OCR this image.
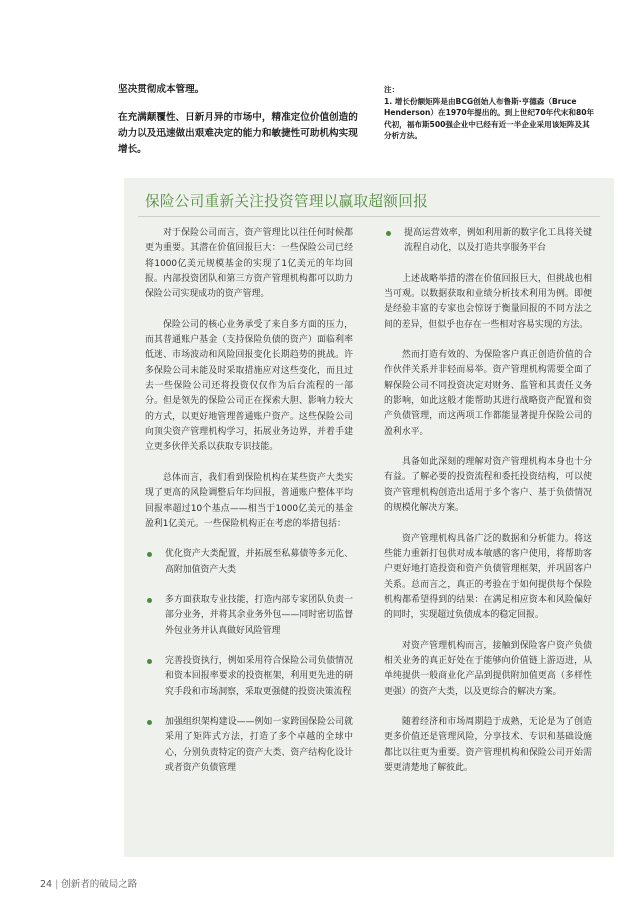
坚决贯彻成本管理。

在充满颠覆性、日新月异的市场中，精准定位价值创造的动力以及迅速做出艰难决定的能力和敏捷性可助机构实现增长。

注：
1. 增长份额矩阵是由BCG创始人布鲁斯·亨德森（Bruce Henderson）在1970年提出的。到上世纪70年代末和80年代初，福布斯500强企业中已经有近一半企业采用该矩阵及其分析方法。
保险公司重新关注投资管理以赢取超额回报

对于保险公司而言，资产管理比以往任何时候都更为重要。其潜在价值回报巨大：一些保险公司已经将1000亿美元规模基金的实现了1亿美元的年均回报。内部投资团队和第三方资产管理机构都可以助力保险公司实现成功的资产管理。

保险公司的核心业务承受了来自多方面的压力，而其普通账户基金（支持保险负债的资产）面临利率低迷、市场波动和风险回报变化长期趋势的挑战。许多保险公司未能及时采取措施应对这些变化，而且过去一些保险公司还将投资仅仅作为后台流程的一部分。但是领先的保险公司正在探索大胆、影响力较大的方式，以更好地管理普通账户资产。这些保险公司向顶尖资产管理机构学习，拓展业务边界，并着手建立更多伙伴关系以获取专识技能。

总体而言，我们看到保险机构在某些资产大类实现了更高的风险调整后年均回报，普通账户整体平均回报率超过10个基点——相当于1000亿美元的基金盈利1亿美元。一些保险机构正在考虑的举措包括：

优化资产大类配置，并拓展至私募债等多元化、高附加值资产大类
多方面获取专业技能，打造内部专家团队负责一部分业务，并将其余业务外包——同时密切监督外包业务并认真做好风险管理
完善投资执行，例如采用符合保险公司负债情况和资本回报率要求的投资框架，利用更先进的研究手段和市场洞察，采取更强健的投资决策流程
加强组织架构建设——例如一家跨国保险公司就采用了矩阵式方法，打造了多个卓越的全球中心，分别负责特定的资产大类、资产结构化设计或者资产负债管理
提高运营效率，例如利用新的数字化工具将关键流程自动化，以及打造共享服务平台

上述战略举措的潜在价值回报巨大，但挑战也相当可观。以数据获取和业绩分析技术利用为例。即便是经验丰富的专家也会惊讶于衡量回报的不同方法之间的差异，但似乎也存在一些相对容易实现的方法。

然而打造有效的、为保险客户真正创造价值的合作伙伴关系并非轻而易举。资产管理机构需要全面了解保险公司不同投资决定对财务、监管和其责任义务的影响，如此这般才能帮助其进行战略资产配置和资产负债管理，而这两项工作都能显著提升保险公司的盈利水平。

具备如此深刻的理解对资产管理机构本身也十分有益。了解必要的投资流程和委托投资结构，可以使资产管理机构创造出适用于多个客户、基于负债情况的规模化解决方案。

资产管理机构具备广泛的数据和分析能力。将这些能力重新打包供对成本敏感的客户使用，将帮助客户更好地打造投资和资产负债管理框架，并巩固客户关系。总而言之，真正的考验在于如何提供每个保险机构都希望得到的结果：在满足相应资本和风险偏好的同时，实现超过负债成本的稳定回报。

对资产管理机构而言，接触到保险客户资产负债相关业务的真正好处在于能够向价值链上游迈进，从单纯提供一般商业化产品到提供附加值更高（多样性更强）的资产大类，以及更综合的解决方案。

随着经济和市场周期趋于成熟，无论是为了创造更多价值还是管理风险，分享技术、专识和基础设施都比以往更为重要。资产管理机构和保险公司开始需要更清楚地了解彼此。

24 | 创新者的破局之路
